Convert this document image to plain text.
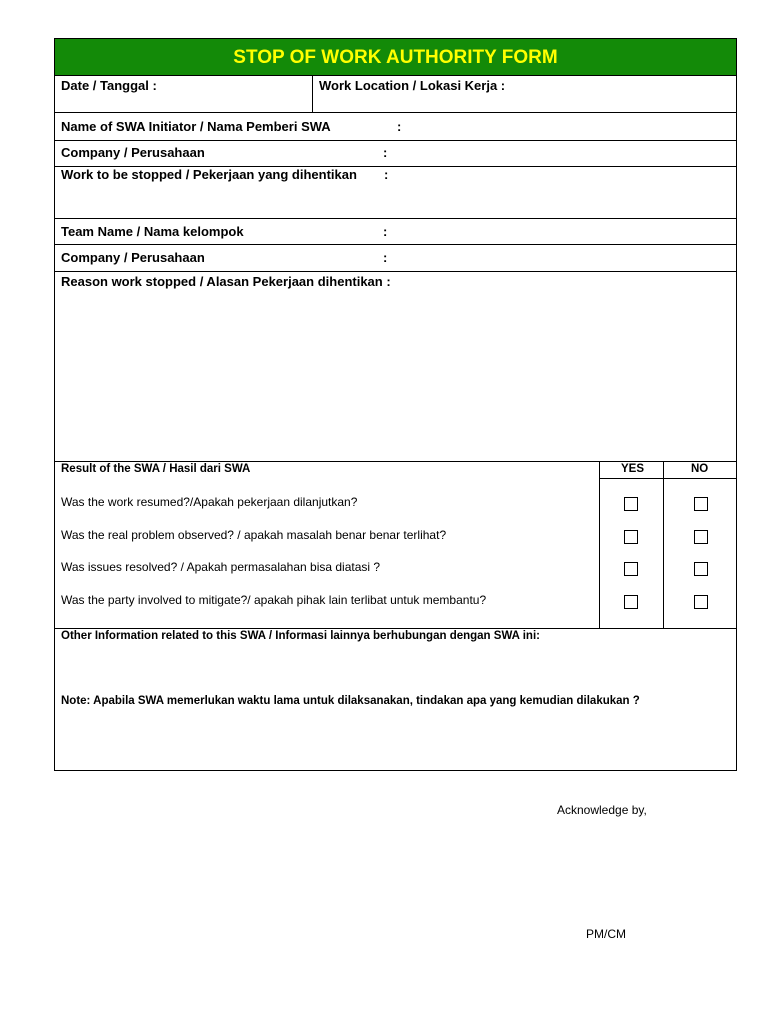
STOP OF WORK AUTHORITY FORM
Date / Tanggal :	Work Location / Lokasi Kerja :
Name of SWA Initiator / Nama Pemberi SWA	:
Company / Perusahaan	:
Work to be stopped / Pekerjaan yang dihentikan :
Team Name / Nama kelompok	:
Company / Perusahaan	:
Reason work stopped / Alasan Pekerjaan dihentikan :
Result of the SWA / Hasil dari SWA	YES	NO
Was the work resumed?/Apakah pekerjaan dilanjutkan?
Was the real problem observed? / apakah masalah benar benar terlihat?
Was issues resolved? / Apakah permasalahan bisa diatasi ?
Was the party involved to mitigate?/ apakah pihak lain terlibat untuk membantu?
Other Information related to this SWA / Informasi lainnya berhubungan dengan SWA ini:
Note: Apabila SWA memerlukan waktu lama untuk dilaksanakan, tindakan apa yang kemudian dilakukan ?
Acknowledge by,
PM/CM
